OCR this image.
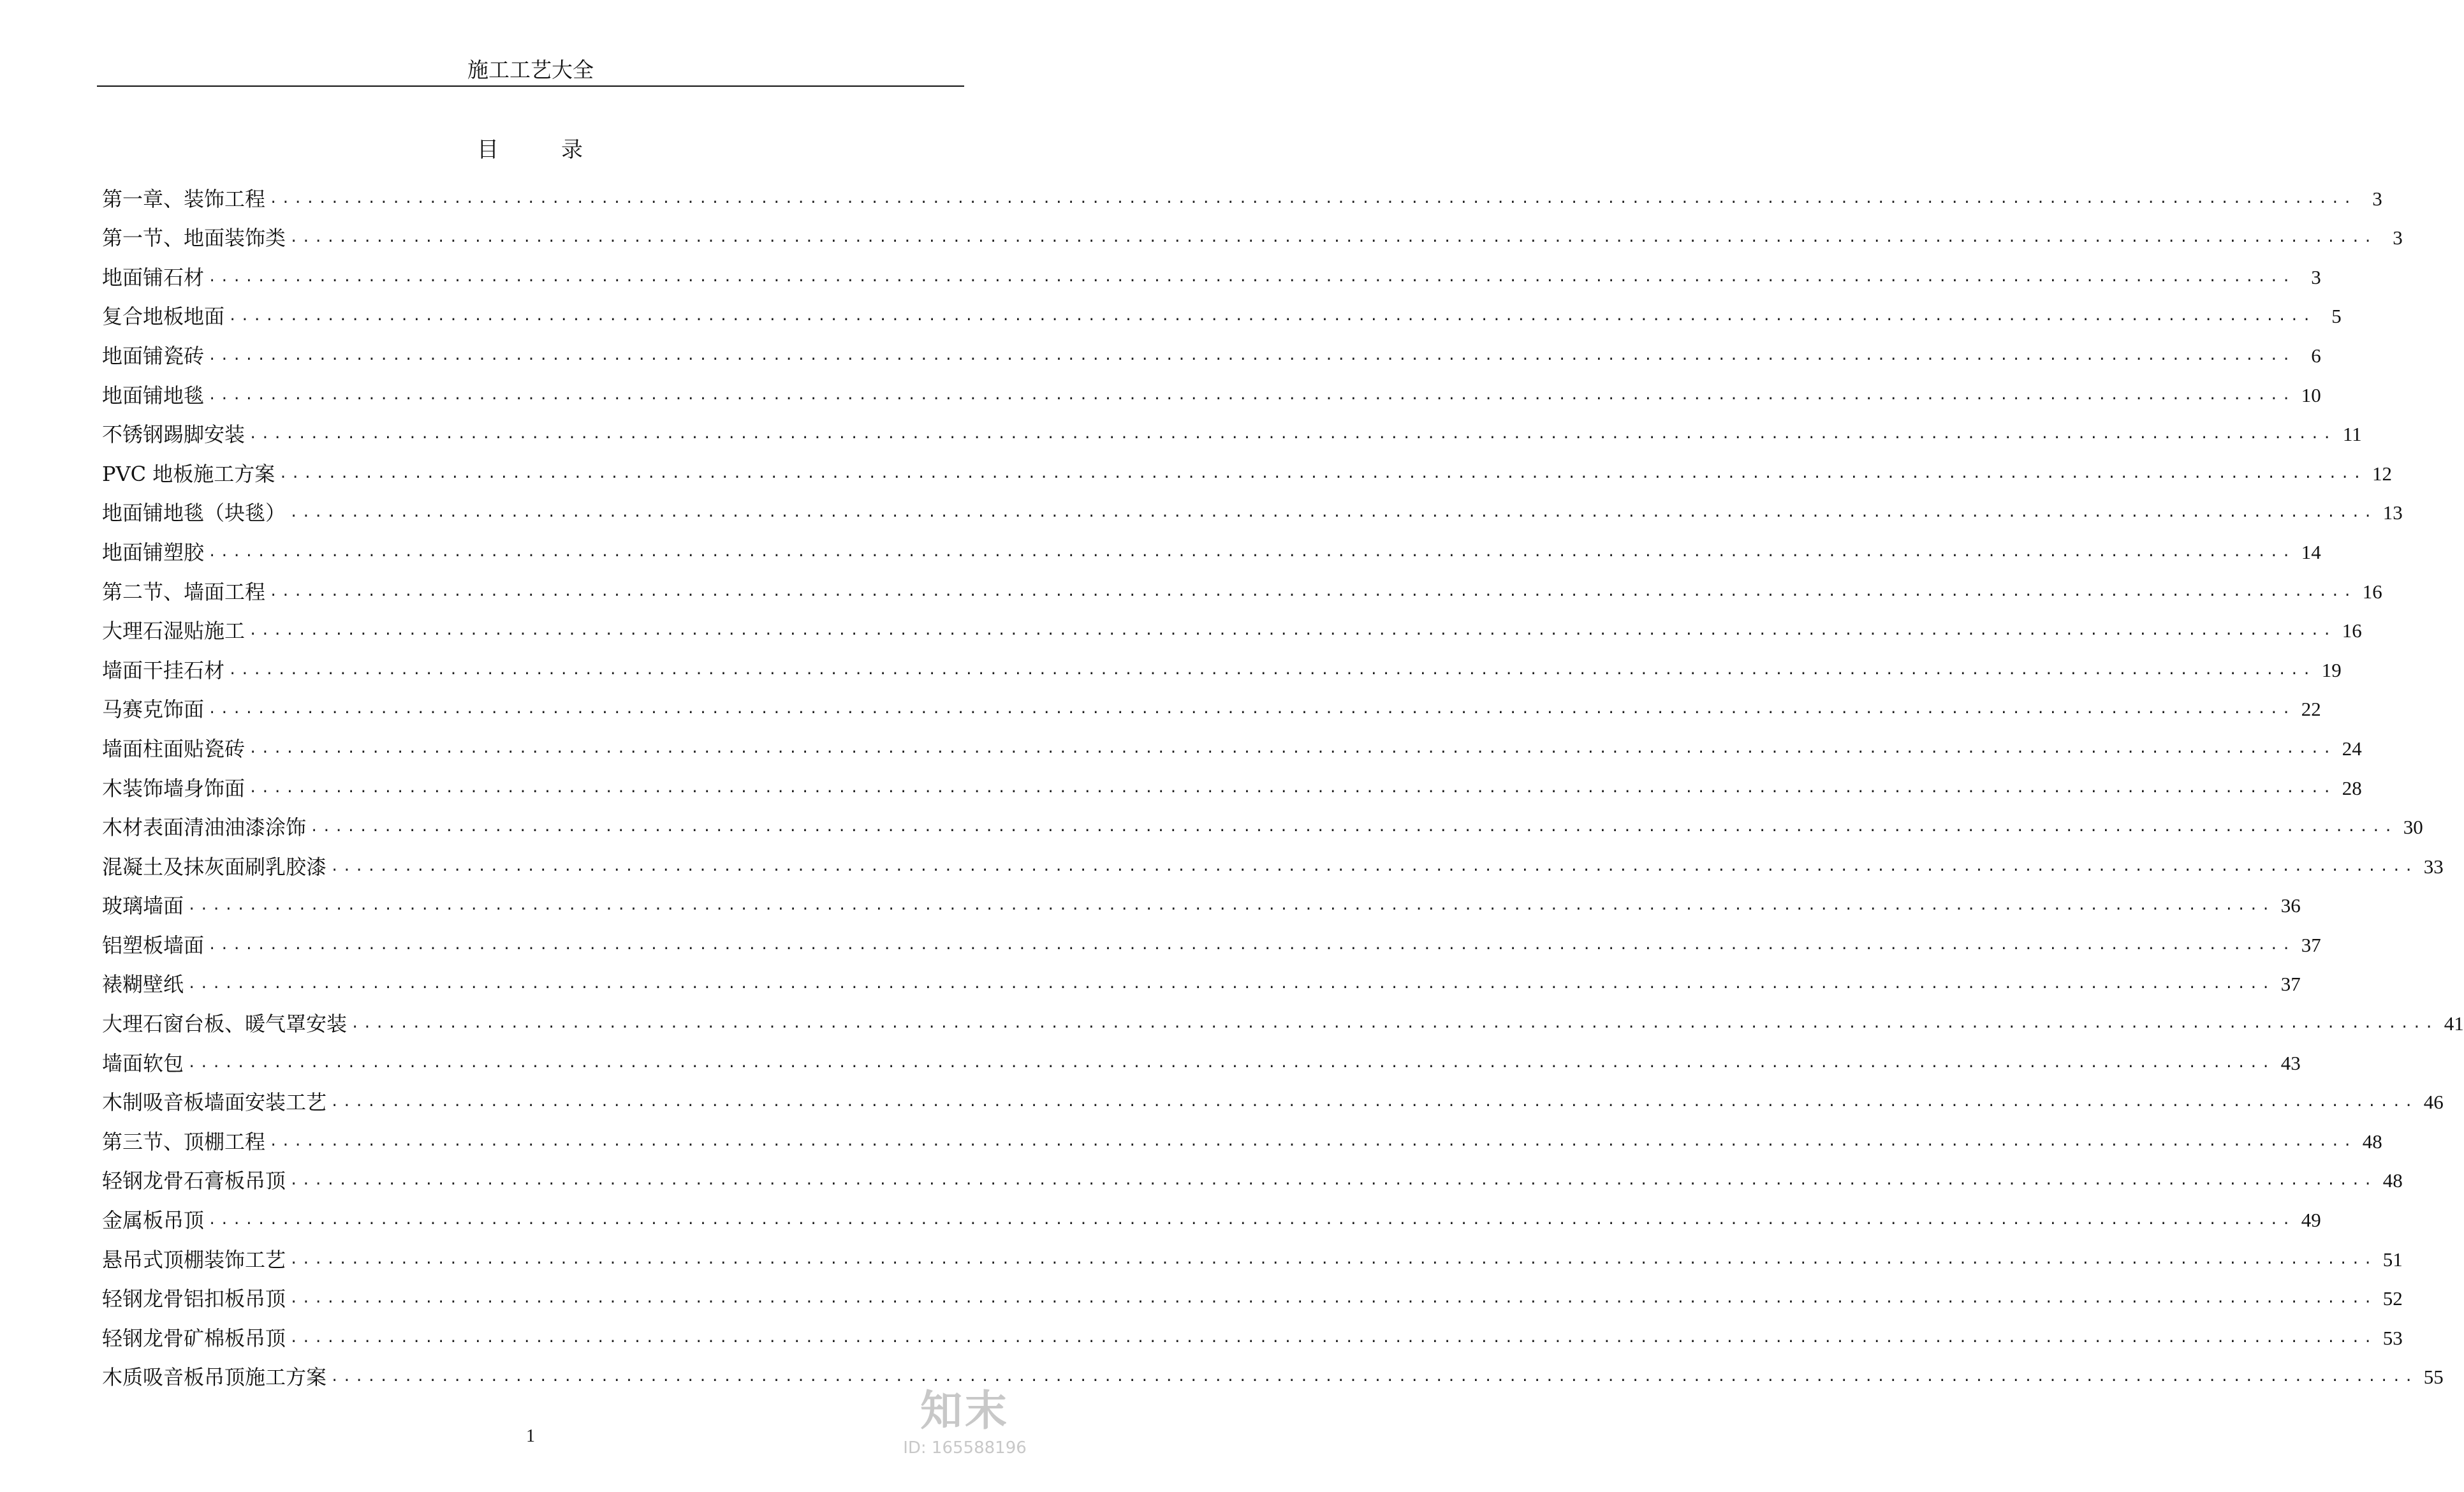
施工工艺大全
目	录
第一章、装饰工程 .......................................................................................................................................................................... 3
第一节、地面装饰类 .......................................................................................................................................................................... 3
地面铺石材 .......................................................................................................................................................................... 3
复合地板地面 .......................................................................................................................................................................... 5
地面铺瓷砖 .......................................................................................................................................................................... 6
地面铺地毯 .......................................................................................................................................................................... 10
不锈钢踢脚安装 .......................................................................................................................................................................... 11
PVC 地板施工方案 .......................................................................................................................................................................... 12
地面铺地毯（块毯） .......................................................................................................................................................................... 13
地面铺塑胶 .......................................................................................................................................................................... 14
第二节、墙面工程 .......................................................................................................................................................................... 16
大理石湿贴施工 .......................................................................................................................................................................... 16
墙面干挂石材 .......................................................................................................................................................................... 19
马赛克饰面 .......................................................................................................................................................................... 22
墙面柱面贴瓷砖 .......................................................................................................................................................................... 24
木装饰墙身饰面 .......................................................................................................................................................................... 28
木材表面清油油漆涂饰 .......................................................................................................................................................................... 30
混凝土及抹灰面刷乳胶漆 .......................................................................................................................................................................... 33
玻璃墙面 .......................................................................................................................................................................... 36
铝塑板墙面 .......................................................................................................................................................................... 37
裱糊壁纸 .......................................................................................................................................................................... 37
大理石窗台板、暖气罩安装 .......................................................................................................................................................................... 41
墙面软包 .......................................................................................................................................................................... 43
木制吸音板墙面安装工艺 .......................................................................................................................................................................... 46
第三节、顶棚工程 .......................................................................................................................................................................... 48
轻钢龙骨石膏板吊顶 .......................................................................................................................................................................... 48
金属板吊顶 .......................................................................................................................................................................... 49
悬吊式顶棚装饰工艺 .......................................................................................................................................................................... 51
轻钢龙骨铝扣板吊顶 .......................................................................................................................................................................... 52
轻钢龙骨矿棉板吊顶 .......................................................................................................................................................................... 53
木质吸音板吊顶施工方案 .......................................................................................................................................................................... 55
1
知末
ID: 165588196
